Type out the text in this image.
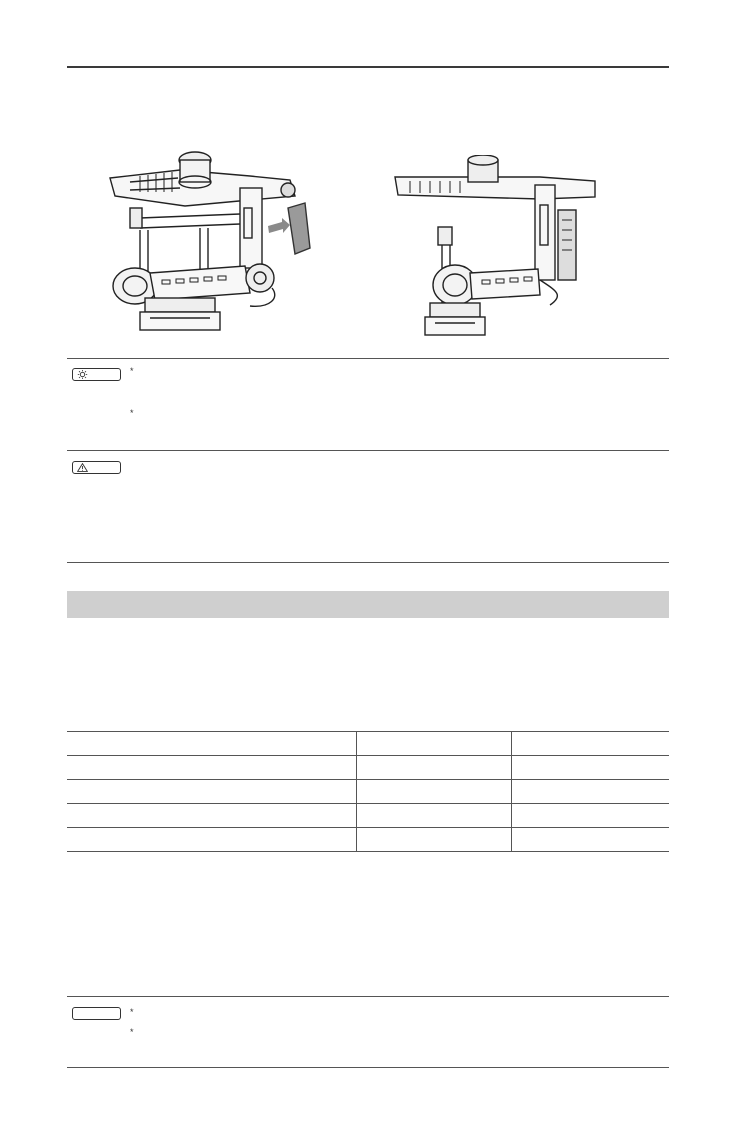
*
*

*
*
